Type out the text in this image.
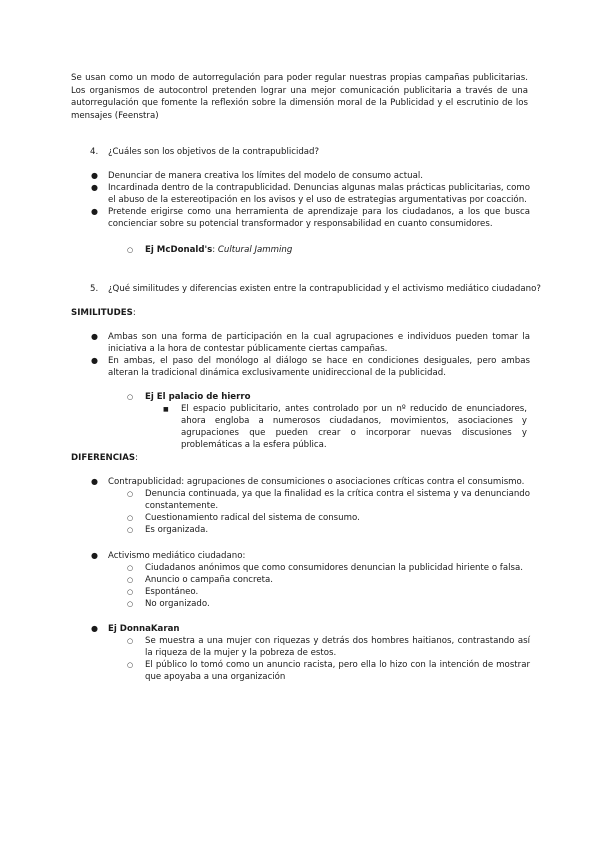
Se usan como un modo de autorregulación para poder regular nuestras propias campañas publicitarias. Los organismos de autocontrol pretenden lograr una mejor comunicación publicitaria a través de una autorregulación que fomente la reflexión sobre la dimensión moral de la Publicidad y el escrutinio de los mensajes (Feenstra)

4. ¿Cuáles son los objetivos de la contrapublicidad?
● Denunciar de manera creativa los límites del modelo de consumo actual.

● Incardinada dentro de la contrapublicidad. Denuncias algunas malas prácticas publicitarias, como el abuso de la estereotipación en los avisos y el uso de estrategias argumentativas por coacción.

● Pretende erigirse como una herramienta de aprendizaje para los ciudadanos, a los que busca concienciar sobre su potencial transformador y responsabilidad en cuanto consumidores.

○ Ej McDonald's: Cultural Jamming
5. ¿Qué similitudes y diferencias existen entre la contrapublicidad y el activismo mediático ciudadano?
SIMILITUDES:
● Ambas son una forma de participación en la cual agrupaciones e individuos pueden tomar la iniciativa a la hora de contestar públicamente ciertas campañas.

● En ambas, el paso del monólogo al diálogo se hace en condiciones desiguales, pero ambas alteran la tradicional dinámica exclusivamente unidireccional de la publicidad.

○ Ej El palacio de hierro
■ El espacio publicitario, antes controlado por un nº reducido de enunciadores, ahora engloba a numerosos ciudadanos, movimientos, asociaciones y agrupaciones que pueden crear o incorporar nuevas discusiones y problemáticas a la esfera pública.

DIFERENCIAS:
● Contrapublicidad: agrupaciones de consumiciones o asociaciones críticas contra el consumismo.

○ Denuncia continuada, ya que la finalidad es la crítica contra el sistema y va denunciando constantemente.

○ Cuestionamiento radical del sistema de consumo.

○ Es organizada.

● Activismo mediático ciudadano:

○ Ciudadanos anónimos que como consumidores denuncian la publicidad hiriente o falsa.

○ Anuncio o campaña concreta.

○ Espontáneo.

○ No organizado.

● Ej DonnaKaran

○ Se muestra a una mujer con riquezas y detrás dos hombres haitianos, contrastando así la riqueza de la mujer y la pobreza de estos.

○ El público lo tomó como un anuncio racista, pero ella lo hizo con la intención de mostrar que apoyaba a una organización
